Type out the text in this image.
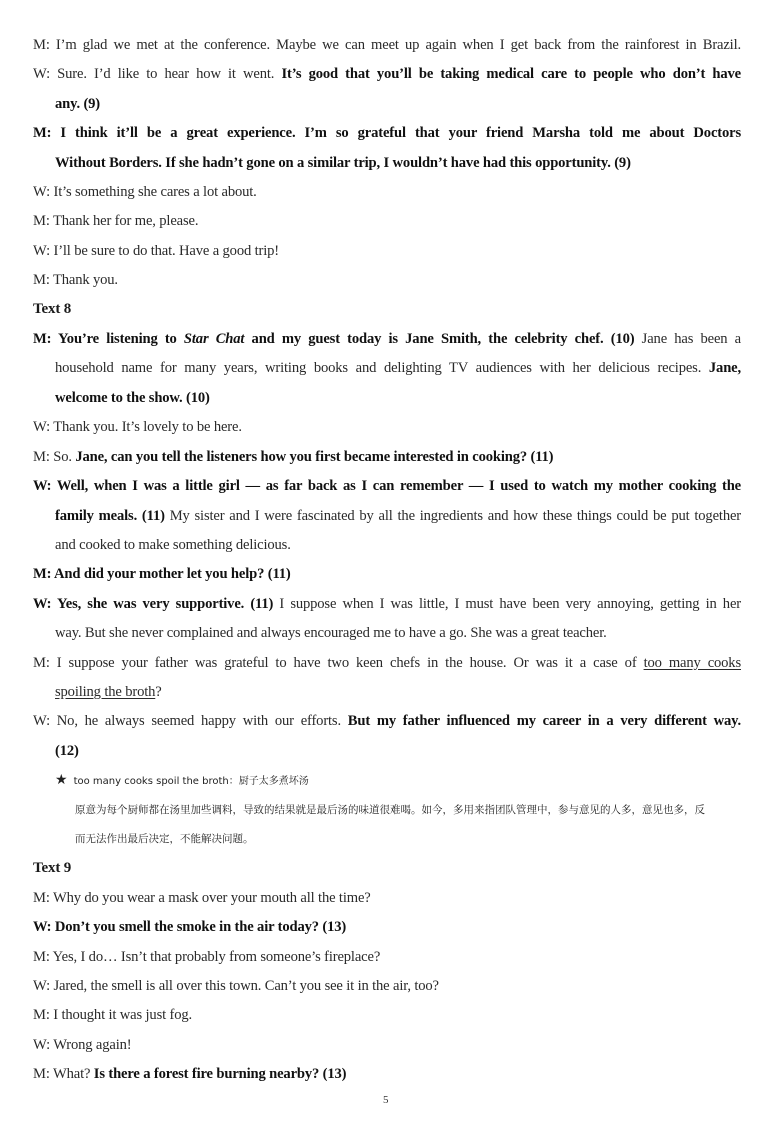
M: I’m glad we met at the conference. Maybe we can meet up again when I get back from the rainforest in Brazil.
W: Sure. I’d like to hear how it went. It’s good that you’ll be taking medical care to people who don’t have
any. (9)
M: I think it’ll be a great experience. I’m so grateful that your friend Marsha told me about Doctors
Without Borders. If she hadn’t gone on a similar trip, I wouldn’t have had this opportunity. (9)
W: It’s something she cares a lot about.
M: Thank her for me, please.
W: I’ll be sure to do that. Have a good trip!
M: Thank you.
Text 8
M: You’re listening to Star Chat and my guest today is Jane Smith, the celebrity chef. (10) Jane has been a
household name for many years, writing books and delighting TV audiences with her delicious recipes. Jane,
welcome to the show. (10)
W: Thank you. It’s lovely to be here.
M: So. Jane, can you tell the listeners how you first became interested in cooking? (11)
W: Well, when I was a little girl — as far back as I can remember — I used to watch my mother cooking the
family meals. (11) My sister and I were fascinated by all the ingredients and how these things could be put together
and cooked to make something delicious.
M: And did your mother let you help? (11)
W: Yes, she was very supportive. (11) I suppose when I was little, I must have been very annoying, getting in her
way. But she never complained and always encouraged me to have a go. She was a great teacher.
M: I suppose your father was grateful to have two keen chefs in the house. Or was it a case of too many cooks
spoiling the broth?
W: No, he always seemed happy with our efforts. But my father influenced my career in a very different way.
(12)
★ too many cooks spoil the broth：厨子太多煮坏汤
原意为每个厨师都在汤里加些调料，导致的结果就是最后汤的味道很难喝。如今，多用来指团队管理中，参与意见的人多，意见也多，反
而无法作出最后决定，不能解决问题。
Text 9
M: Why do you wear a mask over your mouth all the time?
W: Don’t you smell the smoke in the air today? (13)
M: Yes, I do… Isn’t that probably from someone’s fireplace?
W: Jared, the smell is all over this town. Can’t you see it in the air, too?
M: I thought it was just fog.
W: Wrong again!
M: What? Is there a forest fire burning nearby? (13)
5
